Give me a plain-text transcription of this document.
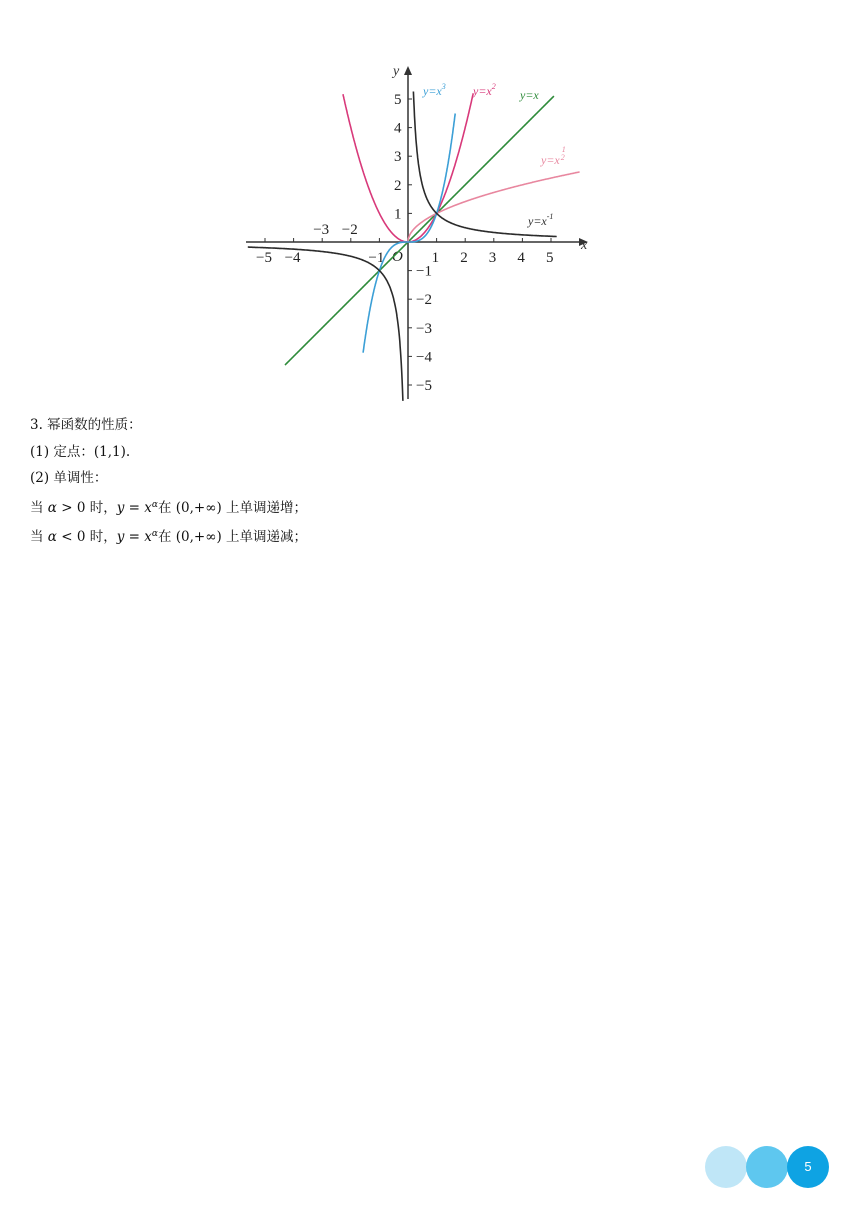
x
y
O
−5 −4
−3 −2
−1	1 2 3 4 5
5
4
3
2
1
−1
−2
−3
−4
−5
$y=x^3$ $y=x^2$
y=x
$y=x^1$ 2
$y=x^{-1}$
3. 幂函数的性质：
(1) 定点：(1,1).
(2) 单调性：
当 α > 0 时，$y = x^\alpha$在 (0,+∞) 上单调递增；
当 α < 0 时，$y = x^\alpha$在 (0,+∞) 上单调递减；
5
